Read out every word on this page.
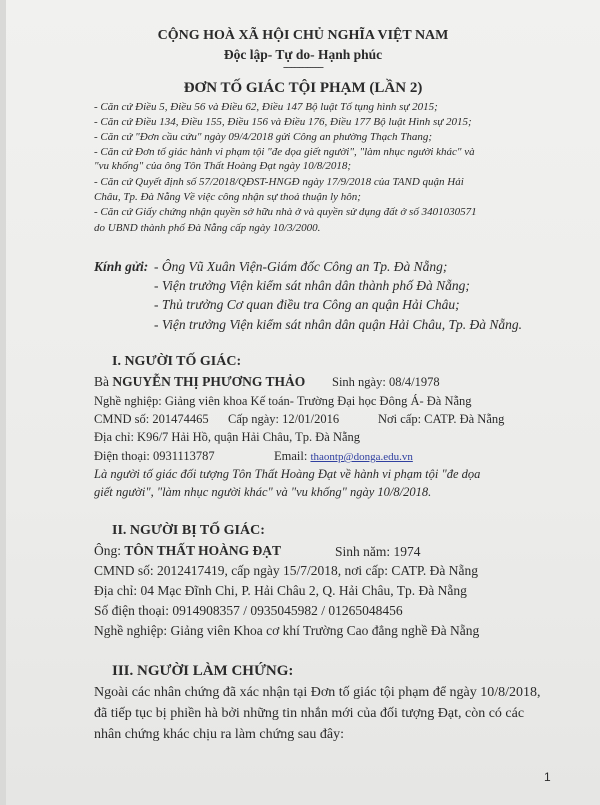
CỘNG HOÀ XÃ HỘI CHỦ NGHĨA VIỆT NAM
Độc lập- Tự do- Hạnh phúc
---------------
ĐƠN TỐ GIÁC TỘI PHẠM (LẦN 2)
- Căn cứ Điều 5, Điều 56 và Điều 62, Điều 147 Bộ luật Tố tụng hình sự 2015;
- Căn cứ Điều 134, Điều 155, Điều 156 và Điều 176, Điều 177 Bộ luật Hình sự 2015;
- Căn cứ "Đơn cầu cứu" ngày 09/4/2018 gửi Công an phường Thạch Thang;
- Căn cứ Đơn tố giác hành vi phạm tội "đe dọa giết người", "làm nhục người khác" và
"vu khống" của ông Tôn Thất Hoàng Đạt ngày 10/8/2018;
- Căn cứ Quyết định số 57/2018/QĐST-HNGĐ ngày 17/9/2018 của TAND quận Hải
Châu, Tp. Đà Nẵng Về việc công nhận sự thoả thuận ly hôn;
- Căn cứ Giấy chứng nhận quyền sở hữu nhà ở và quyền sử dụng đất ở số 3401030571
do UBND thành phố Đà Nẵng cấp ngày 10/3/2000.
Kính gửi: - Ông Vũ Xuân Viện-Giám đốc Công an Tp. Đà Nẵng;
- Viện trưởng Viện kiểm sát nhân dân thành phố Đà Nẵng;
- Thủ trưởng Cơ quan điều tra Công an quận Hải Châu;
- Viện trưởng Viện kiểm sát nhân dân quận Hải Châu, Tp. Đà Nẵng.
I. NGƯỜI TỐ GIÁC:
Bà NGUYỄN THỊ PHƯƠNG THẢO Sinh ngày: 08/4/1978
Nghề nghiệp: Giảng viên khoa Kế toán- Trường Đại học Đông Á- Đà Nẵng
CMND số: 201474465 Cấp ngày: 12/01/2016	Nơi cấp: CATP. Đà Nẵng
Địa chỉ: K96/7 Hải Hồ, quận Hải Châu, Tp. Đà Nẵng
Điện thoại: 0931113787	Email: thaontp@donga.edu.vn
Là người tố giác đối tượng Tôn Thất Hoàng Đạt về hành vi phạm tội "đe dọa
giết người", "làm nhục người khác" và "vu khống" ngày 10/8/2018.
II. NGƯỜI BỊ TỐ GIÁC:
Ông: TÔN THẤT HOÀNG ĐẠT	Sinh năm: 1974
CMND số: 2012417419, cấp ngày 15/7/2018, nơi cấp: CATP. Đà Nẵng
Địa chỉ: 04 Mạc Đĩnh Chi, P. Hải Châu 2, Q. Hải Châu, Tp. Đà Nẵng
Số điện thoại: 0914908357 / 0935045982 / 01265048456
Nghề nghiệp: Giảng viên Khoa cơ khí Trường Cao đẳng nghề Đà Nẵng
III. NGƯỜI LÀM CHỨNG:
Ngoài các nhân chứng đã xác nhận tại Đơn tố giác tội phạm để ngày 10/8/2018,
đã tiếp tục bị phiền hà bởi những tin nhắn mới của đối tượng Đạt, còn có các
nhân chứng khác chịu ra làm chứng sau đây:
1
